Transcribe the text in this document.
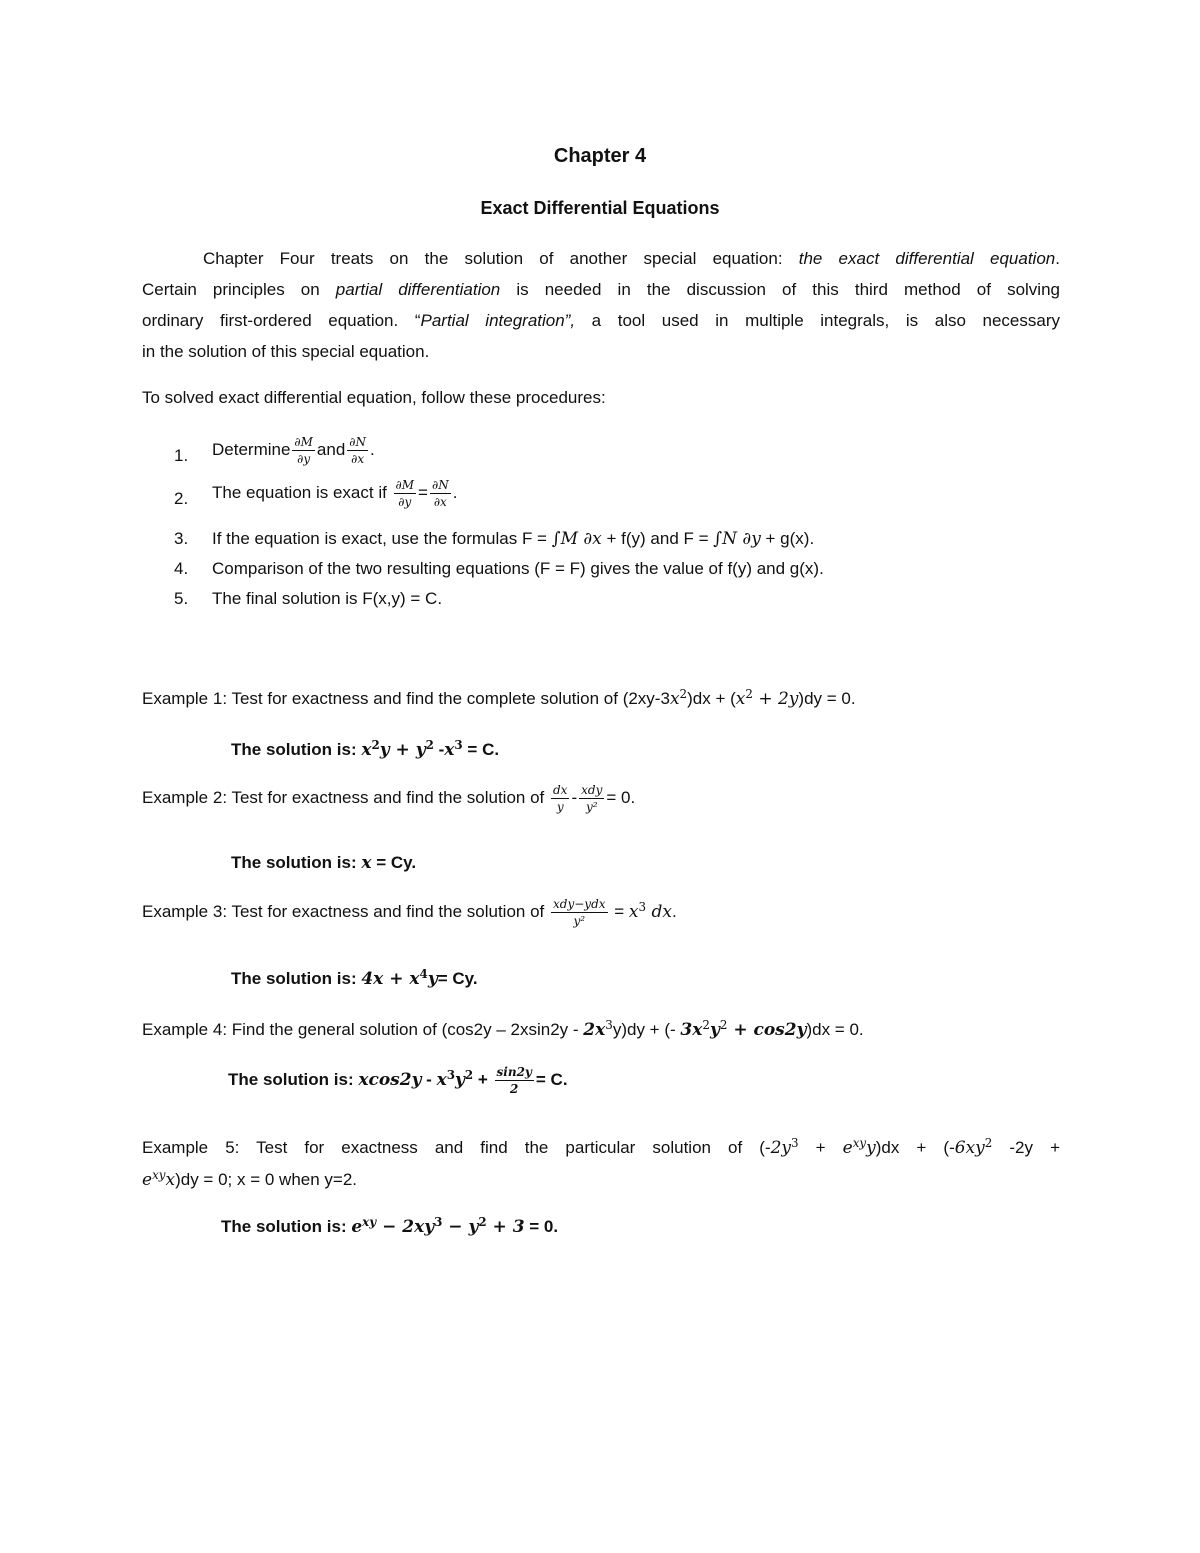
Chapter 4
Exact Differential Equations
Chapter Four treats on the solution of another special equation: the exact differential equation.
Certain principles on partial differentiation is needed in the discussion of this third method of solving
ordinary first-ordered equation. “Partial integration”, a tool used in multiple integrals, is also necessary
in the solution of this special equation.
To solved exact differential equation, follow these procedures:
1. Determine $\frac{\partial M}{\partial y}$ and $\frac{\partial N}{\partial x}$ .
2. The equation is exact if $\frac{\partial M}{\partial y} = \frac{\partial N}{\partial x}$ .
3. If the equation is exact, use the formulas F = ∫M ∂x + f(y) and F = ∫N ∂y + g(x).
4. Comparison of the two resulting equations (F = F) gives the value of f(y) and g(x).
5. The final solution is F(x,y) = C.
Example 1: Test for exactness and find the complete solution of $(2xy-3x^2)dx + (x^2 + 2y)dy = 0$.
The solution is: $x^2y + y^2$ $-x^3 = C$.
Example 2: Test for exactness and find the solution of $\frac{dx}{y} - \frac{\text{xdy}}{\text{y²}} = 0$.
The solution is: x = Cy.
Example 3: Test for exactness and find the solution of $\frac{\text{xdy−ydx}}{\text{y²}} = x^3$ dx.
The solution is: $4x + x^4y= Cy$.
Example 4: Find the general solution of $(\cos 2y - 2xsin2y - 2x^3y)dy$ + (- $3x^2y^2 + \cos 2y)dx = 0$.
The solution is: $xcos2y - x^3y^2 + \frac{\sin 2y}{2} = C$.
Example 5: Test for exactness and find the particular solution of $(-2y^3 + e^{xy}y)dx + (-6xy^2$ -2y +
$e^{xy}x)dy = 0$; x = 0 when y=2.
The solution is: $e^{xy} - 2xy^3 - y^2 + 3 = 0$.
